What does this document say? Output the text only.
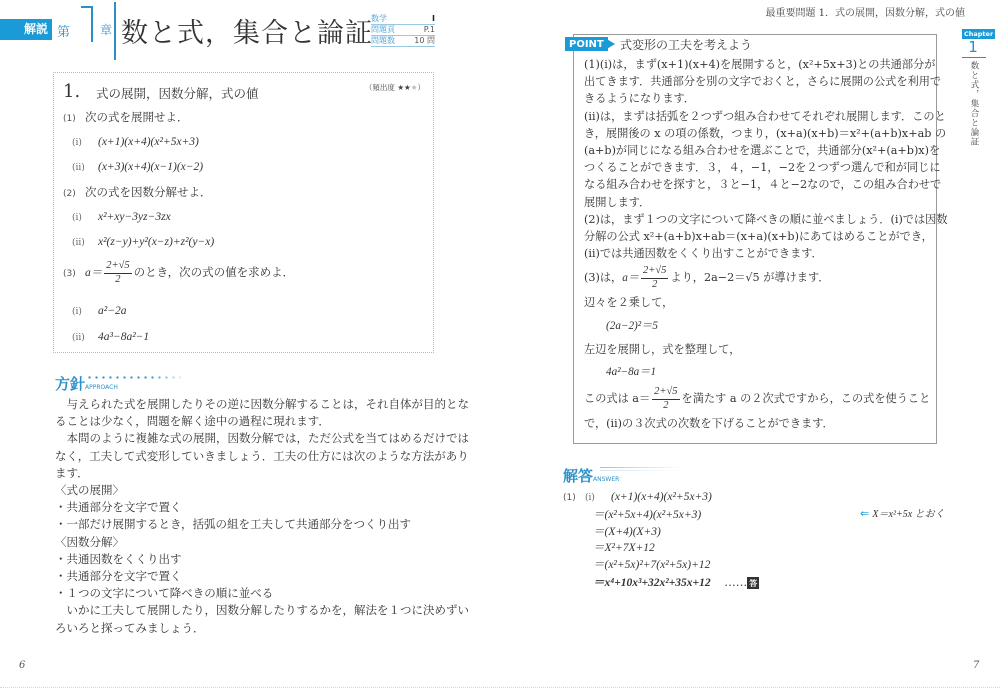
解説 第 章 数と式，集合と論証
数学	Ⅰ
問題頁	P.1
問題数 10 問
1. 式の展開，因数分解，式の値	（頻出度 ★★★）
(1) 次の式を展開せよ．
(ⅰ) (x+1)(x+4)(x²+5x+3)
(ⅱ) (x+3)(x+4)(x−1)(x−2)
(2) 次の式を因数分解せよ．
(ⅰ) x²+xy−3yz−3zx
(ⅱ) x²(z−y)+y²(x−z)+z²(y−x)
(3) $a= \frac{2+√5}{2}$ のとき，次の式の値を求めよ．
(ⅰ) a²−2a
(ⅱ) 4a³−8a²−1
方針APPROACH

　与えられた式を展開したりその逆に因数分解することは，それ自体が目的とな

ることは少なく，問題を解く途中の過程に現れます．

　本問のように複雑な式の展開，因数分解では，ただ公式を当てはめるだけでは

なく，工夫して式変形していきましょう．工夫の仕方には次のような方法があり

ます．

〈式の展開〉

・共通部分を文字で置く

・一部だけ展開するとき，括弧の組を工夫して共通部分をつくり出す

〈因数分解〉

・共通因数をくくり出す

・共通部分を文字で置く

・１つの文字について降べきの順に並べる

　いかに工夫して展開したり，因数分解したりするかを，解法を１つに決めずい

ろいろと探ってみましょう．

6
最重要問題 1．式の展開，因数分解，式の値
POINT	式変形の工夫を考えよう

(1)(ⅰ)は，まず(x+1)(x+4)を展開すると，(x²+5x+3)との共通部分が

出てきます．共通部分を別の文字でおくと，さらに展開の公式を利用で

きるようになります．

(ⅱ)は，まずは括弧を２つずつ組み合わせてそれぞれ展開します．このと

き，展開後の x の項の係数，つまり，(x+a)(x+b)＝x²+(a+b)x+ab の

(a+b)が同じになる組み合わせを選ぶことで，共通部分(x²+(a+b)x)を

つくることができます．３，４，−1，−2を２つずつ選んで和が同じに

なる組み合わせを探すと，３と−1，４と−2なので，この組み合わせで

展開します．

(2)は，まず１つの文字について降べきの順に並べましょう．(ⅰ)では因数

分解の公式 x²+(a+b)x+ab＝(x+a)(x+b)にあてはめることができ，

(ⅱ)では共通因数をくくり出すことができます．

(3)は，$a= \frac{2+√5}{2}$ より，2a−2＝√5 が導けます．

辺々を２乗して，

(2a−2)²＝5

左辺を展開し，式を整理して，

4a²−8a＝1

この式は $a= \frac{2+√5}{2}$ を満たす a の２次式ですから，この式を使うこと

で，(ⅱ)の３次式の次数を下げることができます．

解答ANSWER

(1) (ⅰ) (x+1)(x+4)(x²+5x+3)

＝(x²+5x+4)(x²+5x+3)

＝(X+4)(X+3)

＝X²+7X+12

＝(x²+5x)²+7(x²+5x)+12

＝x⁴+10x³+32x²+35x+12 …… 答

⇐ X＝x²+5x とおく
Chapter
1
数と式，集合と論証
7
